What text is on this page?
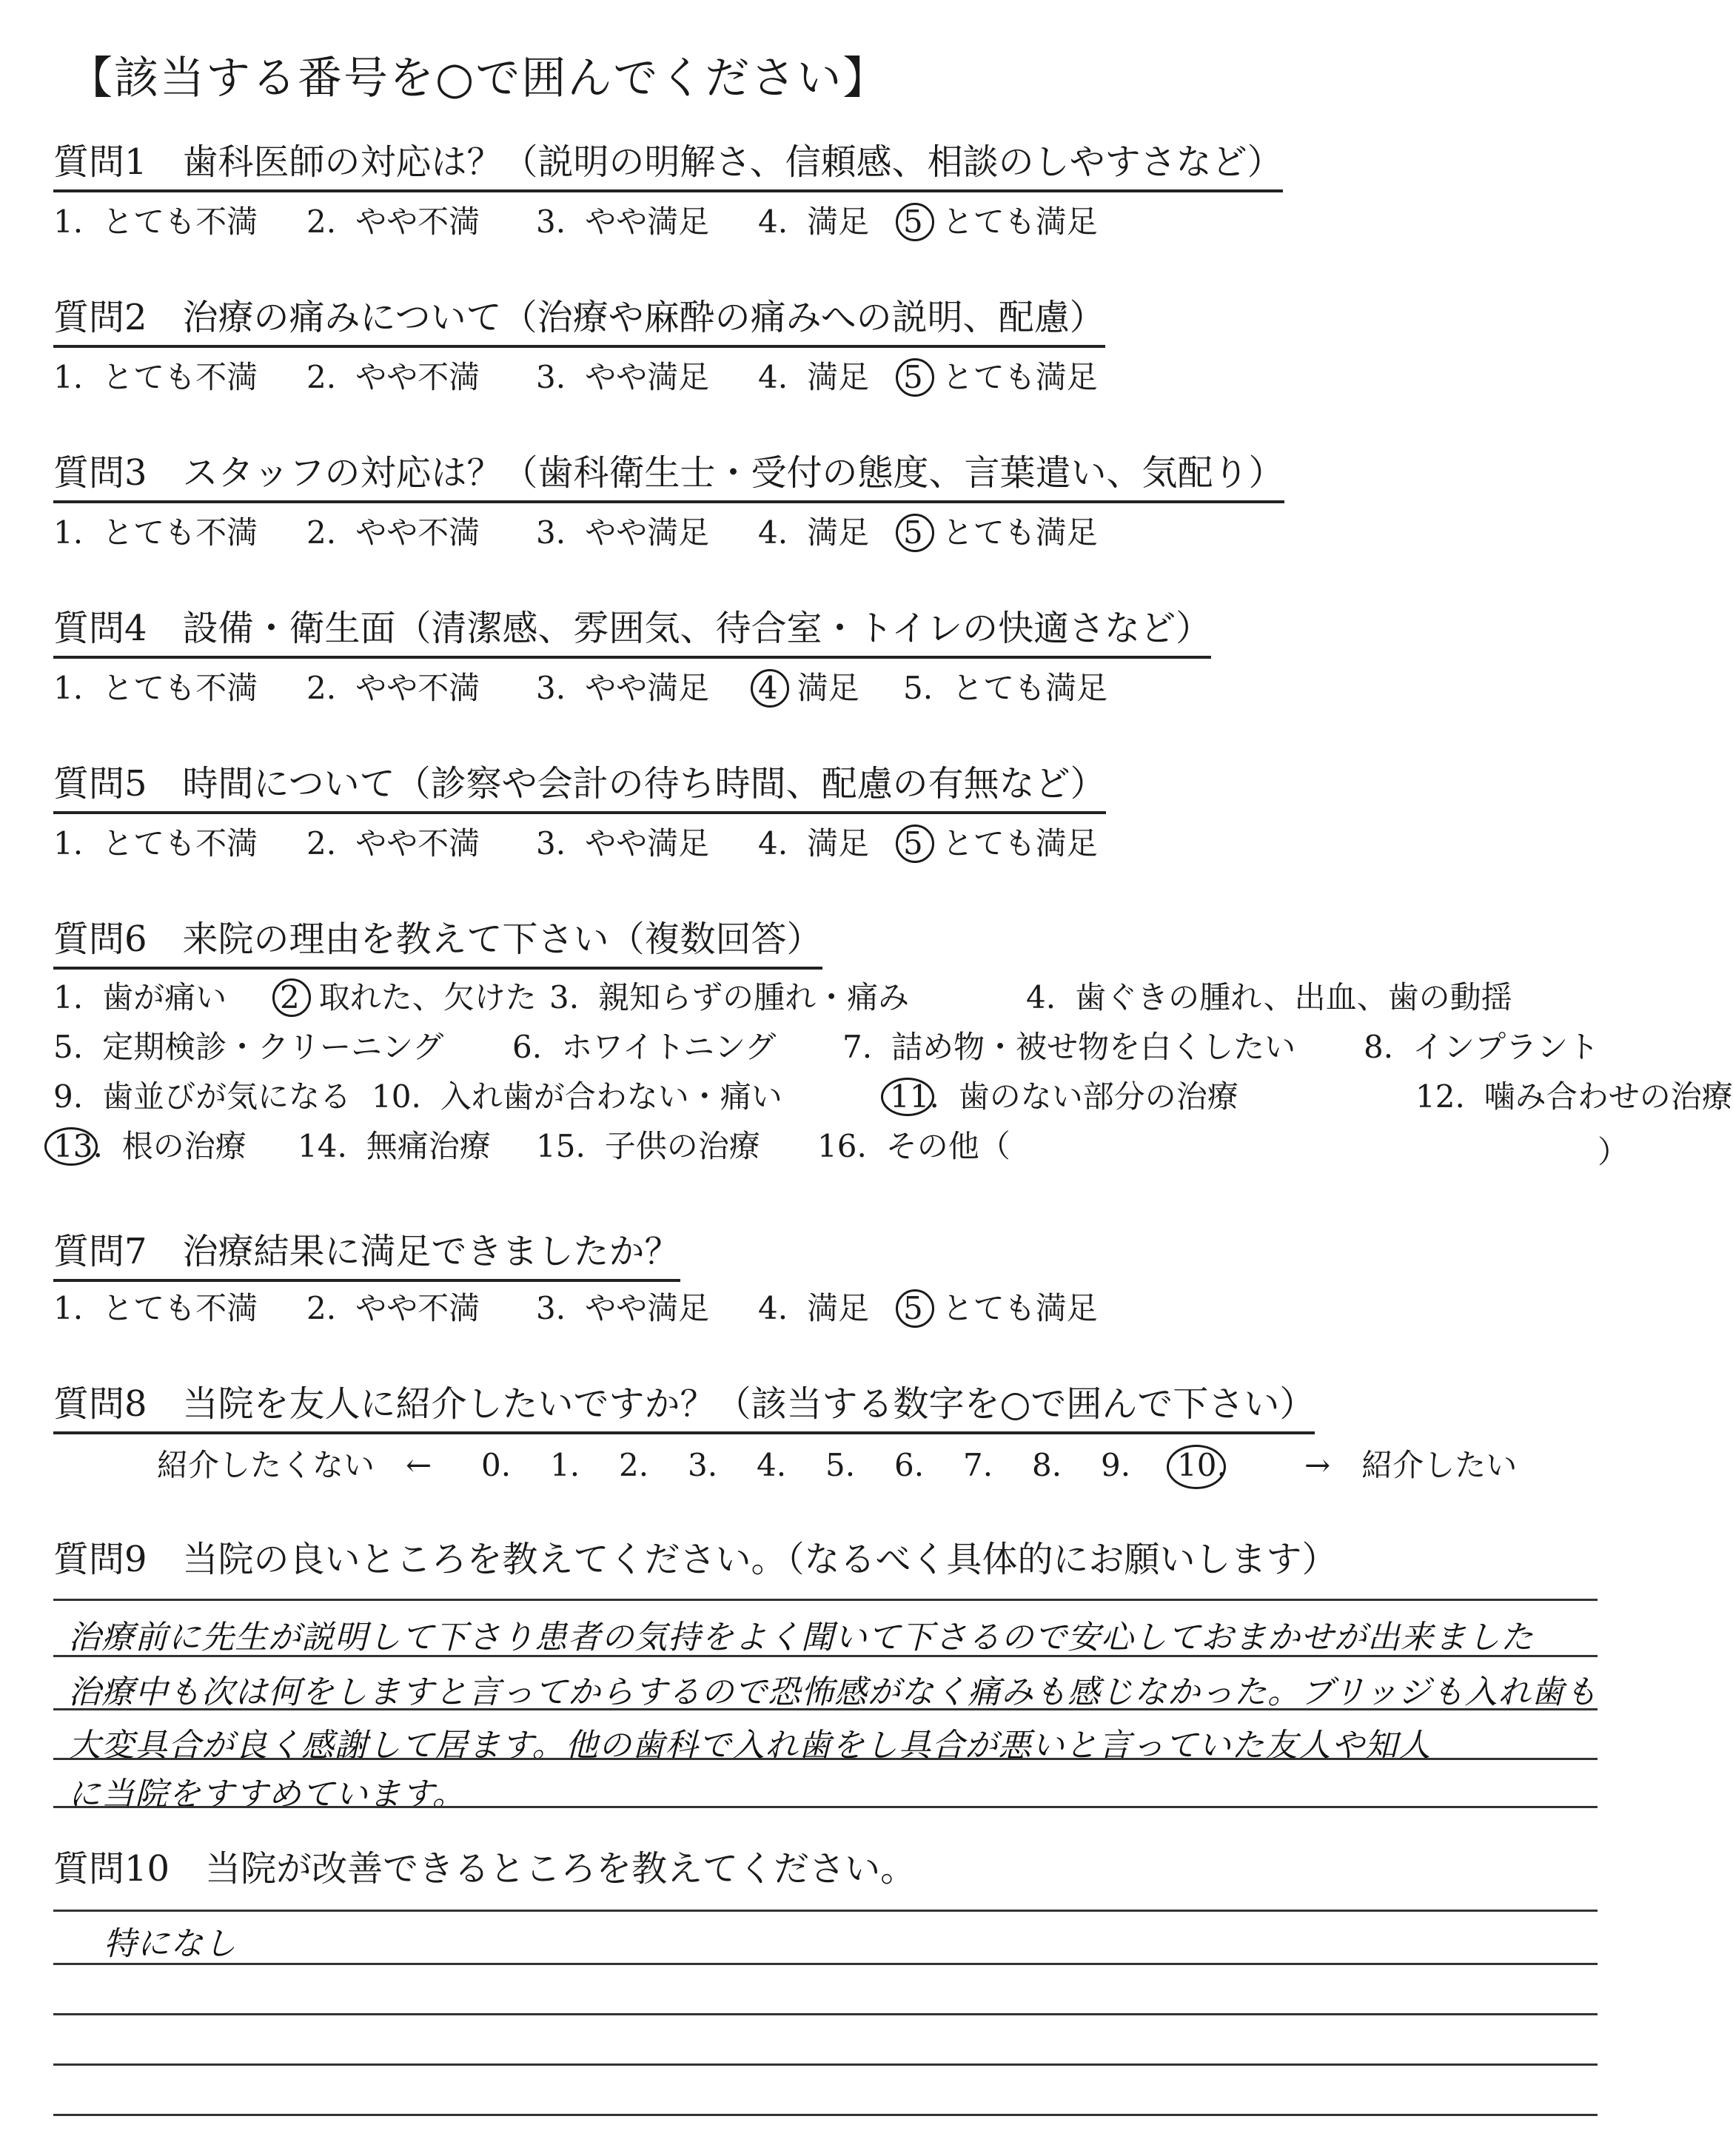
【該当する番号を○で囲んでください】
質問1　歯科医師の対応は？（説明の明解さ、信頼感、相談のしやすさなど）
1. とても不満 2. やや不満 3. やや満足 4. 満足 5 とても満足
質問2　治療の痛みについて（治療や麻酔の痛みへの説明、配慮）
1. とても不満 2. やや不満 3. やや満足 4. 満足 5 とても満足
質問3　スタッフの対応は？（歯科衛生士・受付の態度、言葉遣い、気配り）
1. とても不満 2. やや不満 3. やや満足 4. 満足 5 とても満足
質問4　設備・衛生面（清潔感、雰囲気、待合室・トイレの快適さなど）
1. とても不満 2. やや不満 3. やや満足 4 満足 5. とても満足
質問5　時間について（診察や会計の待ち時間、配慮の有無など）
1. とても不満 2. やや不満 3. やや満足 4. 満足 5 とても満足
質問6　来院の理由を教えて下さい（複数回答）
1. 歯が痛い 2 取れた、欠けた 3. 親知らずの腫れ・痛み	4. 歯ぐきの腫れ、出血、歯の動揺
5. 定期検診・クリーニング 6. ホワイトニング 7. 詰め物・被せ物を白くしたい 8. インプラント
9. 歯並びが気になる 10. 入れ歯が合わない・痛い	11. 歯のない部分の治療	12. 噛み合わせの治療
13. 根の治療 14. 無痛治療 15. 子供の治療 16. その他（	）
質問7　治療結果に満足できましたか？
1. とても不満 2. やや不満 3. やや満足 4. 満足 5 とても満足
質問8　当院を友人に紹介したいですか？（該当する数字を○で囲んで下さい）
紹介したくない　←	→　紹介したい
0. 1. 2. 3. 4. 5. 6. 7. 8. 9. 10.
質問9　当院の良いところを教えてください。（なるべく具体的にお願いします）
治療前に先生が説明して下さり患者の気持をよく聞いて下さるので安心しておまかせが出来ました
治療中も次は何をしますと言ってからするので恐怖感がなく痛みも感じなかった。ブリッジも入れ歯も
大変具合が良く感謝して居ます。他の歯科で入れ歯をし具合が悪いと言っていた友人や知人
に当院をすすめています。
質問10　当院が改善できるところを教えてください。
特になし
